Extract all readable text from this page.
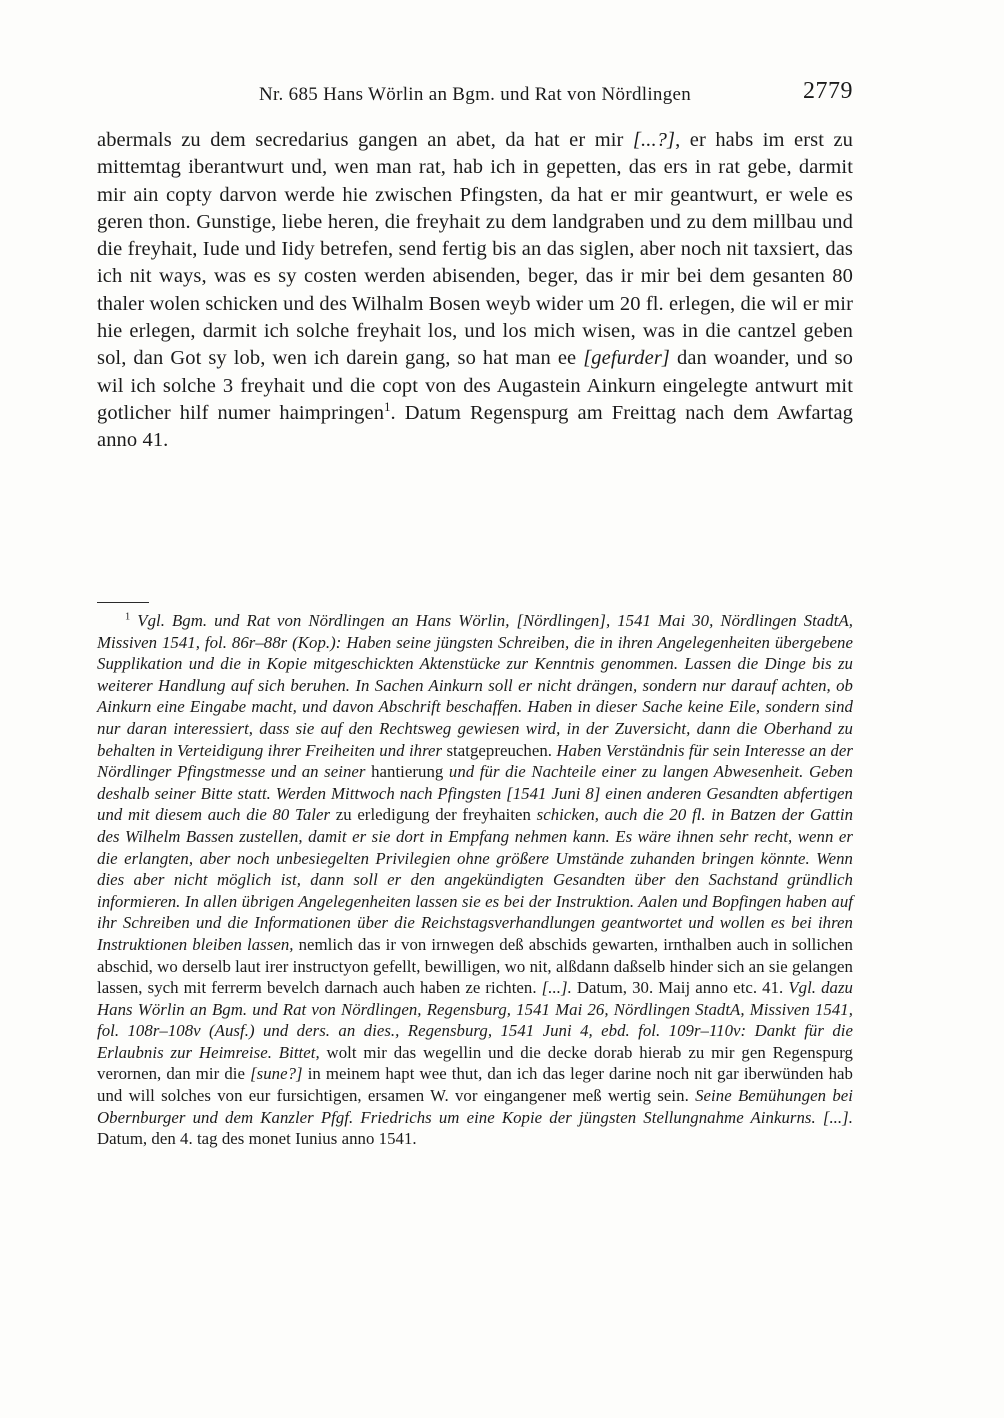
Nr. 685 Hans Wörlin an Bgm. und Rat von Nördlingen	2779

abermals zu dem secredarius gangen an abet, da hat er mir [...?], er habs im erst zu mittemtag iberantwurt und, wen man rat, hab ich in gepetten, das ers in rat gebe, darmit mir ain copty darvon werde hie zwischen Pfingsten, da hat er mir geantwurt, er wele es geren thon. Gunstige, liebe heren, die freyhait zu dem landgraben und zu dem millbau und die freyhait, Iude und Iidy betrefen, send fertig bis an das siglen, aber noch nit taxsiert, das ich nit ways, was es sy costen werden abisenden, beger, das ir mir bei dem gesanten 80 thaler wolen schicken und des Wilhalm Bosen weyb wider um 20 fl. erlegen, die wil er mir hie erlegen, darmit ich solche freyhait los, und los mich wisen, was in die cantzel geben sol, dan Got sy lob, wen ich darein gang, so hat man ee [gefurder] dan woander, und so wil ich solche 3 freyhait und die copt von des Augastein Ainkurn eingelegte antwurt mit gotlicher hilf numer haimpringen$^1$. Datum Regenspurg am Freittag nach dem Awfartag anno 41.

$^1$ Vgl. Bgm. und Rat von Nördlingen an Hans Wörlin, [Nördlingen], 1541 Mai 30, Nördlingen StadtA, Missiven 1541, fol. 86r–88r (Kop.): Haben seine jüngsten Schreiben, die in ihren Angelegenheiten übergebene Supplikation und die in Kopie mitgeschickten Aktenstücke zur Kenntnis genommen. Lassen die Dinge bis zu weiterer Handlung auf sich beruhen. In Sachen Ainkurn soll er nicht drängen, sondern nur darauf achten, ob Ainkurn eine Eingabe macht, und davon Abschrift beschaffen. Haben in dieser Sache keine Eile, sondern sind nur daran interessiert, dass sie auf den Rechtsweg gewiesen wird, in der Zuversicht, dann die Oberhand zu behalten in Verteidigung ihrer Freiheiten und ihrer statgepreuchen. Haben Verständnis für sein Interesse an der Nördlinger Pfingstmesse und an seiner hantierung und für die Nachteile einer zu langen Abwesenheit. Geben deshalb seiner Bitte statt. Werden Mittwoch nach Pfingsten [1541 Juni 8] einen anderen Gesandten abfertigen und mit diesem auch die 80 Taler zu erledigung der freyhaiten schicken, auch die 20 fl. in Batzen der Gattin des Wilhelm Bassen zustellen, damit er sie dort in Empfang nehmen kann. Es wäre ihnen sehr recht, wenn er die erlangten, aber noch unbesiegelten Privilegien ohne größere Umstände zuhanden bringen könnte. Wenn dies aber nicht möglich ist, dann soll er den angekündigten Gesandten über den Sachstand gründlich informieren. In allen übrigen Angelegenheiten lassen sie es bei der Instruktion. Aalen und Bopfingen haben auf ihr Schreiben und die Informationen über die Reichstagsverhandlungen geantwortet und wollen es bei ihren Instruktionen bleiben lassen, nemlich das ir von irnwegen deß abschids gewarten, irnthalben auch in sollichen abschid, wo derselb laut irer instructyon gefellt, bewilligen, wo nit, alßdann daßselb hinder sich an sie gelangen lassen, sych mit ferrerm bevelch darnach auch haben ze richten. [...]. Datum, 30. Maij anno etc. 41. Vgl. dazu Hans Wörlin an Bgm. und Rat von Nördlingen, Regensburg, 1541 Mai 26, Nördlingen StadtA, Missiven 1541, fol. 108r–108v (Ausf.) und ders. an dies., Regensburg, 1541 Juni 4, ebd. fol. 109r–110v: Dankt für die Erlaubnis zur Heimreise. Bittet, wolt mir das wegellin und die decke dorab hierab zu mir gen Regenspurg verornen, dan mir die [sune?] in meinem hapt wee thut, dan ich das leger darine noch nit gar iberwünden hab und will solches von eur fursichtigen, ersamen W. vor eingangener meß wertig sein. Seine Bemühungen bei Obernburger und dem Kanzler Pfgf. Friedrichs um eine Kopie der jüngsten Stellungnahme Ainkurns. [...]. Datum, den 4. tag des monet Iunius anno 1541.
